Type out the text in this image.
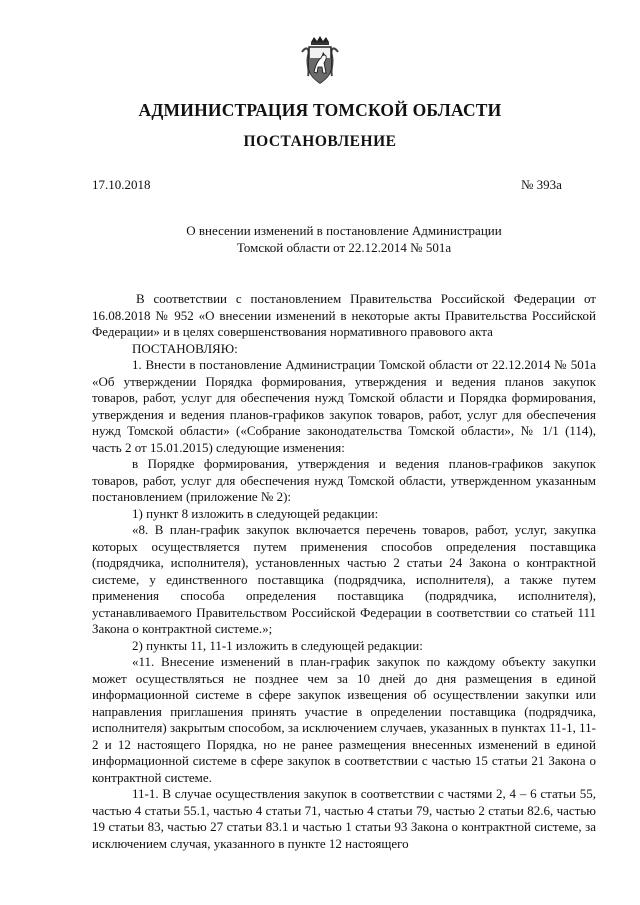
АДМИНИСТРАЦИЯ ТОМСКОЙ ОБЛАСТИ
ПОСТАНОВЛЕНИЕ

17.10.2018	№ 393а

О внесении изменений в постановление Администрации
Томской области от 22.12.2014 № 501а

В соответствии с постановлением Правительства Российской Федерации от 16.08.2018 № 952 «О внесении изменений в некоторые акты Правительства Российской Федерации» и в целях совершенствования нормативного правового акта

ПОСТАНОВЛЯЮ:

1. Внести в постановление Администрации Томской области от 22.12.2014 № 501а «Об утверждении Порядка формирования, утверждения и ведения планов закупок товаров, работ, услуг для обеспечения нужд Томской области и Порядка формирования, утверждения и ведения планов-графиков закупок товаров, работ, услуг для обеспечения нужд Томской области» («Собрание законодательства Томской области», № 1/1 (114), часть 2 от 15.01.2015) следующие изменения:

в Порядке формирования, утверждения и ведения планов-графиков закупок товаров, работ, услуг для обеспечения нужд Томской области, утвержденном указанным постановлением (приложение № 2):

1) пункт 8 изложить в следующей редакции:

«8. В план-график закупок включается перечень товаров, работ, услуг, закупка которых осуществляется путем применения способов определения поставщика (подрядчика, исполнителя), установленных частью 2 статьи 24 Закона о контрактной системе, у единственного поставщика (подрядчика, исполнителя), а также путем применения способа определения поставщика (подрядчика, исполнителя), устанавливаемого Правительством Российской Федерации в соответствии со статьей 111 Закона о контрактной системе.»;

2) пункты 11, 11-1 изложить в следующей редакции:

«11. Внесение изменений в план-график закупок по каждому объекту закупки может осуществляться не позднее чем за 10 дней до дня размещения в единой информационной системе в сфере закупок извещения об осуществлении закупки или направления приглашения принять участие в определении поставщика (подрядчика, исполнителя) закрытым способом, за исключением случаев, указанных в пунктах 11-1, 11-2 и 12 настоящего Порядка, но не ранее размещения внесенных изменений в единой информационной системе в сфере закупок в соответствии с частью 15 статьи 21 Закона о контрактной системе.

11-1. В случае осуществления закупок в соответствии с частями 2, 4 – 6 статьи 55, частью 4 статьи 55.1, частью 4 статьи 71, частью 4 статьи 79, частью 2 статьи 82.6, частью 19 статьи 83, частью 27 статьи 83.1 и частью 1 статьи 93 Закона о контрактной системе, за исключением случая, указанного в пункте 12 настоящего
